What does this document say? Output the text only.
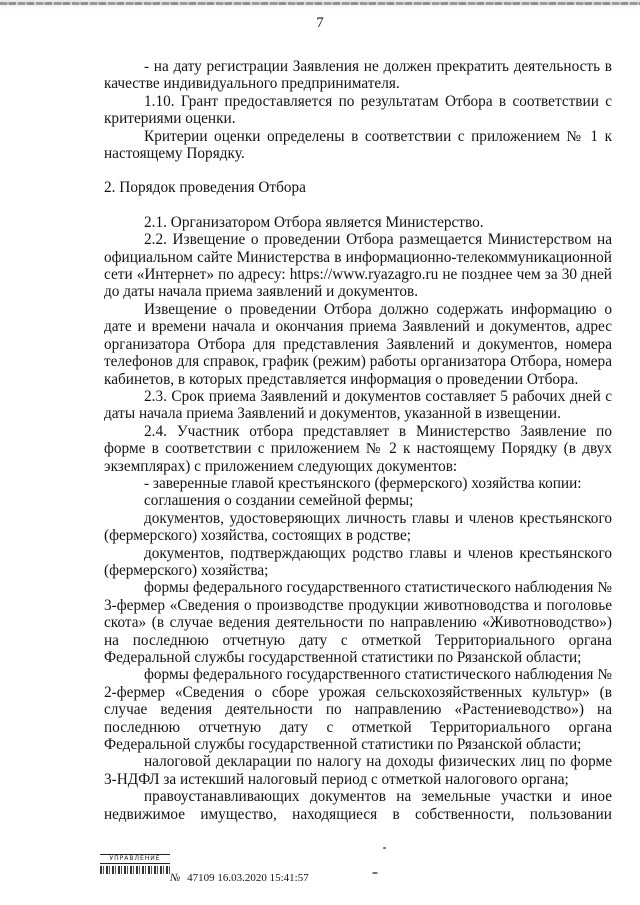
7

- на дату регистрации Заявления не должен прекратить деятельность в качестве индивидуального предпринимателя.

1.10. Грант предоставляется по результатам Отбора в соответствии с критериями оценки.

Критерии оценки определены в соответствии с приложением № 1 к настоящему Порядку.

2. Порядок проведения Отбора

2.1. Организатором Отбора является Министерство.

2.2. Извещение о проведении Отбора размещается Министерством на официальном сайте Министерства в информационно-телекоммуникационной сети «Интернет» по адресу: https://www.ryazagro.ru не позднее чем за 30 дней до даты начала приема заявлений и документов.

Извещение о проведении Отбора должно содержать информацию о дате и времени начала и окончания приема Заявлений и документов, адрес организатора Отбора для представления Заявлений и документов, номера телефонов для справок, график (режим) работы организатора Отбора, номера кабинетов, в которых представляется информация о проведении Отбора.

2.3. Срок приема Заявлений и документов составляет 5 рабочих дней с даты начала приема Заявлений и документов, указанной в извещении.

2.4. Участник отбора представляет в Министерство Заявление по форме в соответствии с приложением № 2 к настоящему Порядку (в двух экземплярах) с приложением следующих документов:

- заверенные главой крестьянского (фермерского) хозяйства копии:

соглашения о создании семейной фермы;

документов, удостоверяющих личность главы и членов крестьянского (фермерского) хозяйства, состоящих в родстве;

документов, подтверждающих родство главы и членов крестьянского (фермерского) хозяйства;

формы федерального государственного статистического наблюдения № 3-фермер «Сведения о производстве продукции животноводства и поголовье скота» (в случае ведения деятельности по направлению «Животноводство») на последнюю отчетную дату с отметкой Территориального органа Федеральной службы государственной статистики по Рязанской области;

формы федерального государственного статистического наблюдения № 2-фермер «Сведения о сборе урожая сельскохозяйственных культур» (в случае ведения деятельности по направлению «Растениеводство») на последнюю отчетную дату с отметкой Территориального органа Федеральной службы государственной статистики по Рязанской области;

налоговой декларации по налогу на доходы физических лиц по форме 3-НДФЛ за истекший налоговый период с отметкой налогового органа;

правоустанавливающих документов на земельные участки и иное недвижимое имущество, находящиеся в собственности, пользовании

УПРАВЛЕНИЕ
№ 47109 16.03.2020 15:41:57
